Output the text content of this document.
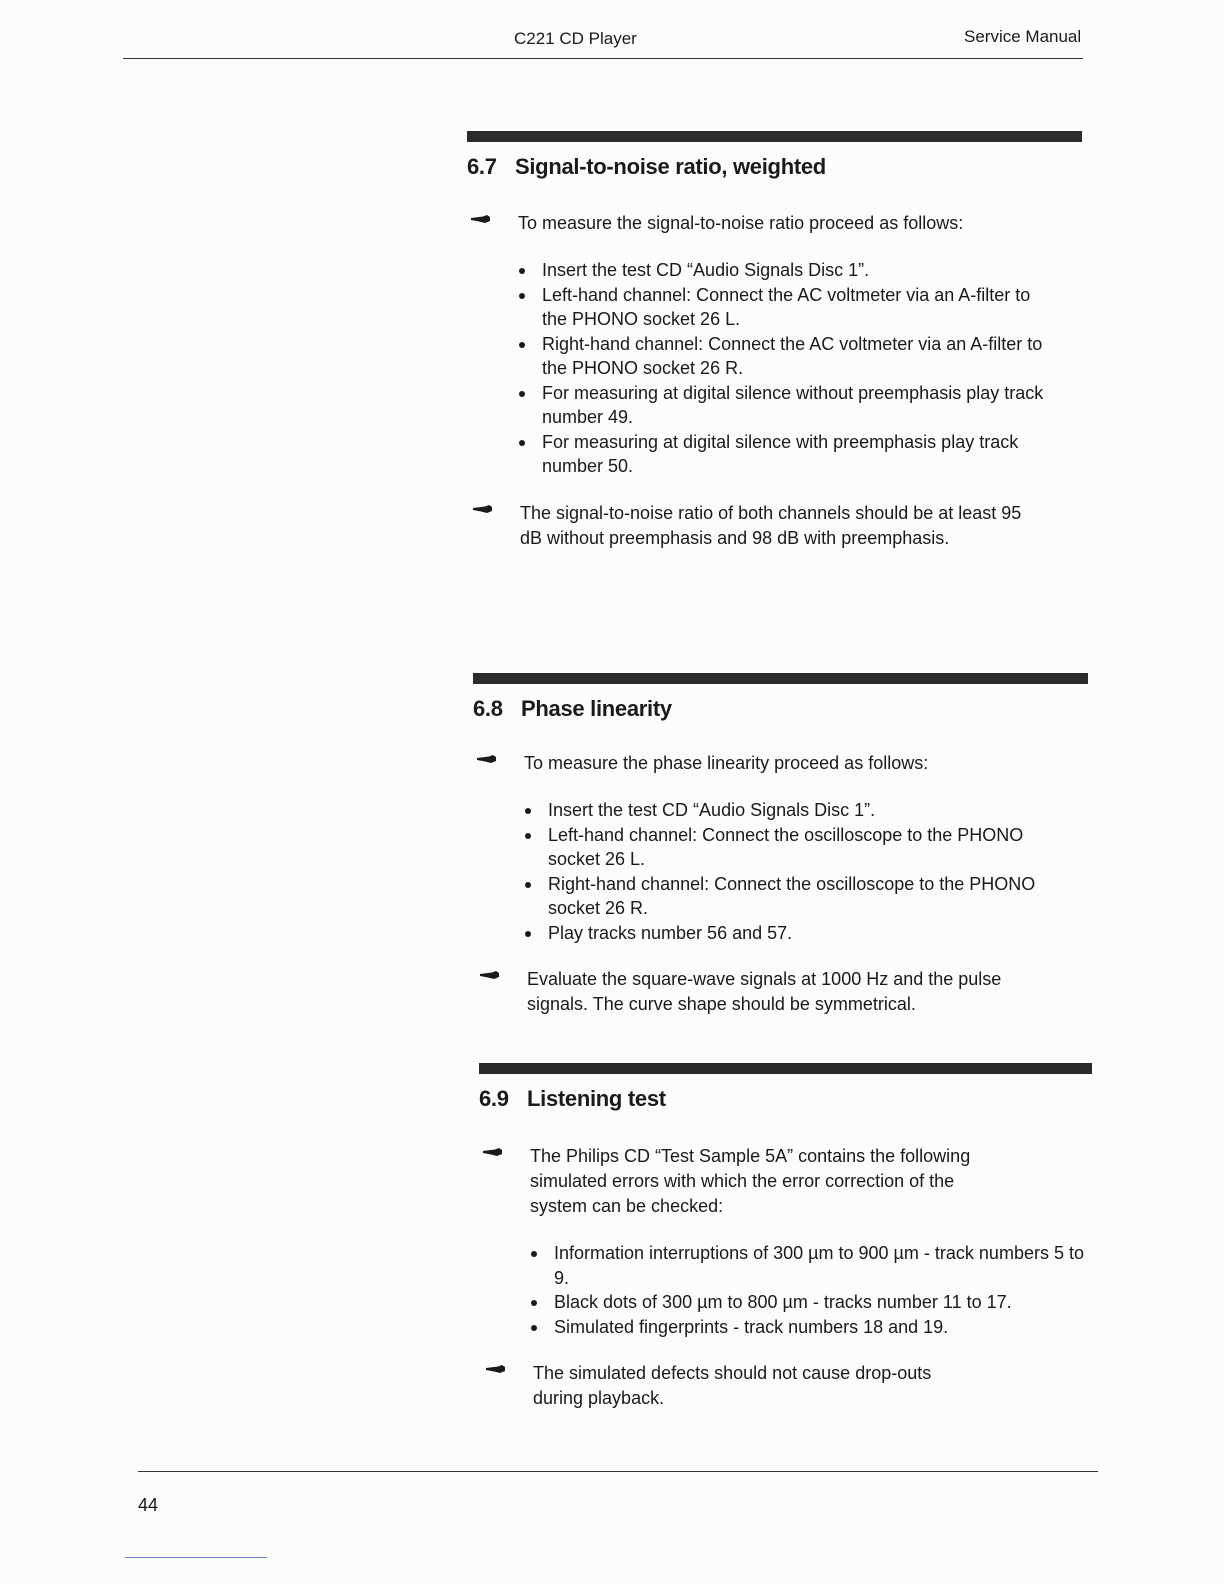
C221 CD Player	Service Manual
6.7 Signal-to-noise ratio, weighted
To measure the signal-to-noise ratio proceed as follows:
Insert the test CD “Audio Signals Disc 1”.
Left-hand channel: Connect the AC voltmeter via an A-filter to the PHONO socket 26 L.
Right-hand channel: Connect the AC voltmeter via an A-filter to the PHONO socket 26 R.
For measuring at digital silence without preemphasis play track number 49.
For measuring at digital silence with preemphasis play track number 50.
The signal-to-noise ratio of both channels should be at least 95 dB without preemphasis and 98 dB with preemphasis.
6.8 Phase linearity
To measure the phase linearity proceed as follows:
Insert the test CD “Audio Signals Disc 1”.
Left-hand channel: Connect the oscilloscope to the PHONO socket 26 L.
Right-hand channel: Connect the oscilloscope to the PHONO socket 26 R.
Play tracks number 56 and 57.
Evaluate the square-wave signals at 1000 Hz and the pulse signals. The curve shape should be symmetrical.
6.9 Listening test
The Philips CD “Test Sample 5A” contains the following simulated errors with which the error correction of the system can be checked:
Information interruptions of 300 µm to 900 µm - track numbers 5 to 9.
Black dots of 300 µm to 800 µm - tracks number 11 to 17.
Simulated fingerprints - track numbers 18 and 19.
The simulated defects should not cause drop-outs during playback.
44
